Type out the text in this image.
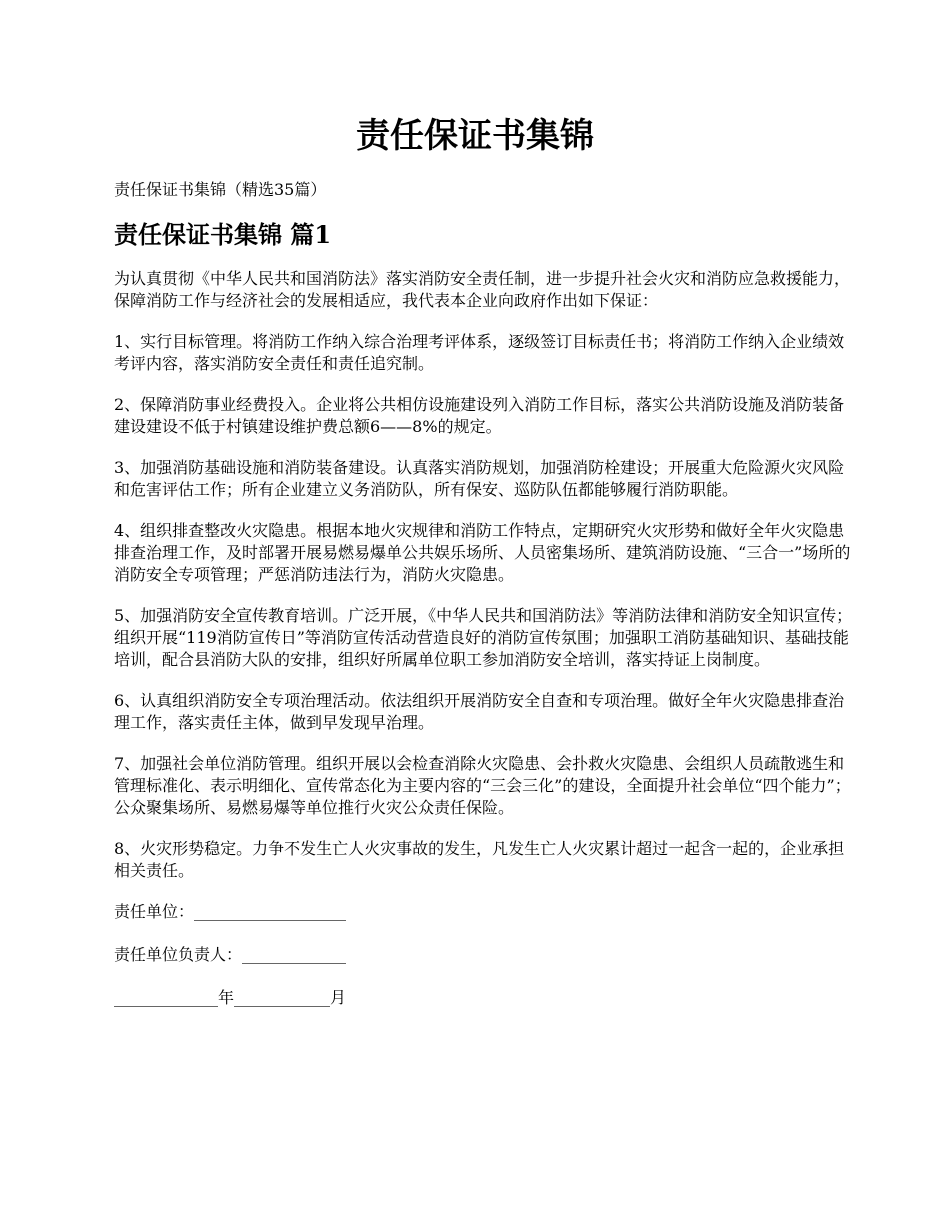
责任保证书集锦

责任保证书集锦（精选35篇）

责任保证书集锦 篇1

为认真贯彻《中华人民共和国消防法》落实消防安全责任制，进一步提升社会火灾和消防应急救援能力，保障消防工作与经济社会的发展相适应，我代表本企业向政府作出如下保证：

1、实行目标管理。将消防工作纳入综合治理考评体系，逐级签订目标责任书；将消防工作纳入企业绩效考评内容，落实消防安全责任和责任追究制。

2、保障消防事业经费投入。企业将公共相仿设施建设列入消防工作目标，落实公共消防设施及消防装备建设建设不低于村镇建设维护费总额6——8%的规定。

3、加强消防基础设施和消防装备建设。认真落实消防规划，加强消防栓建设；开展重大危险源火灾风险和危害评估工作；所有企业建立义务消防队，所有保安、巡防队伍都能够履行消防职能。

4、组织排查整改火灾隐患。根据本地火灾规律和消防工作特点，定期研究火灾形势和做好全年火灾隐患排查治理工作，及时部署开展易燃易爆单公共娱乐场所、人员密集场所、建筑消防设施、“三合一”场所的消防安全专项管理；严惩消防违法行为，消防火灾隐患。

5、加强消防安全宣传教育培训。广泛开展，《中华人民共和国消防法》等消防法律和消防安全知识宣传；组织开展“119消防宣传日”等消防宣传活动营造良好的消防宣传氛围；加强职工消防基础知识、基础技能培训，配合县消防大队的安排，组织好所属单位职工参加消防安全培训，落实持证上岗制度。

6、认真组织消防安全专项治理活动。依法组织开展消防安全自查和专项治理。做好全年火灾隐患排查治理工作，落实责任主体，做到早发现早治理。

7、加强社会单位消防管理。组织开展以会检查消除火灾隐患、会扑救火灾隐患、会组织人员疏散逃生和管理标准化、表示明细化、宣传常态化为主要内容的“三会三化”的建设，全面提升社会单位“四个能力”；公众聚集场所、易燃易爆等单位推行火灾公众责任保险。

8、火灾形势稳定。力争不发生亡人火灾事故的发生，凡发生亡人火灾累计超过一起含一起的，企业承担相关责任。

责任单位：___________________

责任单位负责人：_____________

_____________年____________月
